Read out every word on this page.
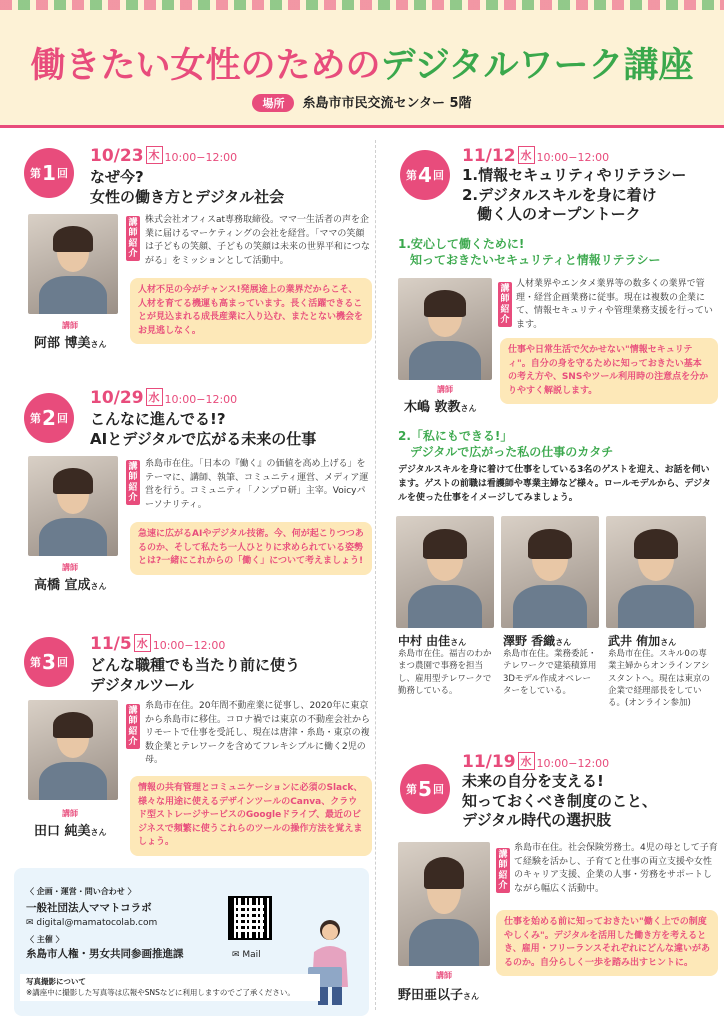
働きたい女性のためのデジタルワーク講座
場所 糸島市市民交流センター 5階
第 1 回
10/23 木 10:00−12:00
なぜ今?
女性の働き方とデジタル社会
講師紹介
株式会社オフィスat専務取締役。ママ一生活者の声を企業に届けるマーケティングの会社を経営。「ママの笑顔は子どもの笑顔、子どもの笑顔は未来の世界平和につながる」をミッションとして活動中。
人材不足の今がチャンス!発展途上の業界だからこそ、人材を育てる機運も高まっています。長く活躍できることが見込まれる成長産業に入り込む、またとない機会をお見逃しなく。
講師
阿部 博美さん
第 2 回
10/29 水 10:00−12:00
こんなに進んでる!?
AIとデジタルで広がる未来の仕事
講師紹介
糸島市在住。「日本の『働く』の価値を高め上げる」をテーマに、講師、執筆、コミュニティ運営、メディア運営を行う。コミュニティ「ノンプロ研」主宰。Voicyパーソナリティ。
急速に広がるAIやデジタル技術。今、何が起こりつつあるのか、そして私たち一人ひとりに求められている姿勢とは?一緒にこれからの「働く」について考えましょう!
講師
高橋 宣成さん
第 3 回
11/5 水 10:00−12:00
どんな職種でも当たり前に使う
デジタルツール
講師紹介
糸島市在住。20年間不動産業に従事し、2020年に東京から糸島市に移住。コロナ禍では東京の不動産会社からリモートで仕事を受託し、現在は唐津・糸島・東京の複数企業とテレワークを含めてフレキシブルに働く2児の母。
情報の共有管理とコミュニケーションに必須のSlack、様々な用途に使えるデザインツールのCanva、クラウド型ストレージサービスのGoogleドライブ、最近のビジネスで頻繁に使うこれらのツールの操作方法を覚えましょう。
講師
田口 純美さん
第 4 回
11/12 水 10:00−12:00
1.情報セキュリティやリテラシー
2.デジタルスキルを身に着け
　働く人のオープントーク
1.安心して働くために!
　知っておきたいセキュリティと情報リテラシー
講師紹介
人材業界やエンタメ業界等の数多くの業界で管理・経営企画業務に従事。現在は複数の企業にて、情報セキュリティや管理業務支援を行っています。
仕事や日常生活で欠かせない"情報セキュリティ"。自分の身を守るために知っておきたい基本の考え方や、SNSやツール利用時の注意点を分かりやすく解説します。
講師
木嶋 敦教さん
2.「私にもできる!」
　デジタルで広がった私の仕事のカタチ
デジタルスキルを身に着けて仕事をしている3名のゲストを迎え、お話を伺います。ゲストの前職は看護師や専業主婦など様々。ロールモデルから、デジタルを使った仕事をイメージしてみましょう。
中村 由佳さん	澤野 香織さん	武井 侑加さん
糸島市在住。福吉のわかまつ農園で事務を担当し、雇用型テレワークで勤務している。
糸島市在住。業務委託・テレワークで建築積算用3Dモデル作成オペレーターをしている。
糸島市在住。スキル0の専業主婦からオンラインアシスタントへ。現在は東京の企業で経理部長をしている。(オンライン参加)
第 5 回
11/19 水 10:00−12:00
未来の自分を支える!
知っておくべき制度のこと、
デジタル時代の選択肢
講師紹介
糸島市在住。社会保険労務士。4児の母として子育て経験を活かし、子育てと仕事の両立支援や女性のキャリア支援、企業の人事・労務をサポートしながら幅広く活動中。
仕事を始める前に知っておきたい"働く上での制度やしくみ"。デジタルを活用した働き方を考えるとき、雇用・フリーランスそれぞれにどんな違いがあるのか。自分らしく一歩を踏み出すヒントに。
講師
野田亜以子さん
〈 企画・運営・問い合わせ 〉
一般社団法人ママトコラボ
✉ digital@mamatocolab.com
〈 主催 〉
糸島市人権・男女共同参画推進課	✉ Mail
写真撮影について
※講座中に撮影した写真等は広報やSNSなどに利用しますのでご了承ください。
